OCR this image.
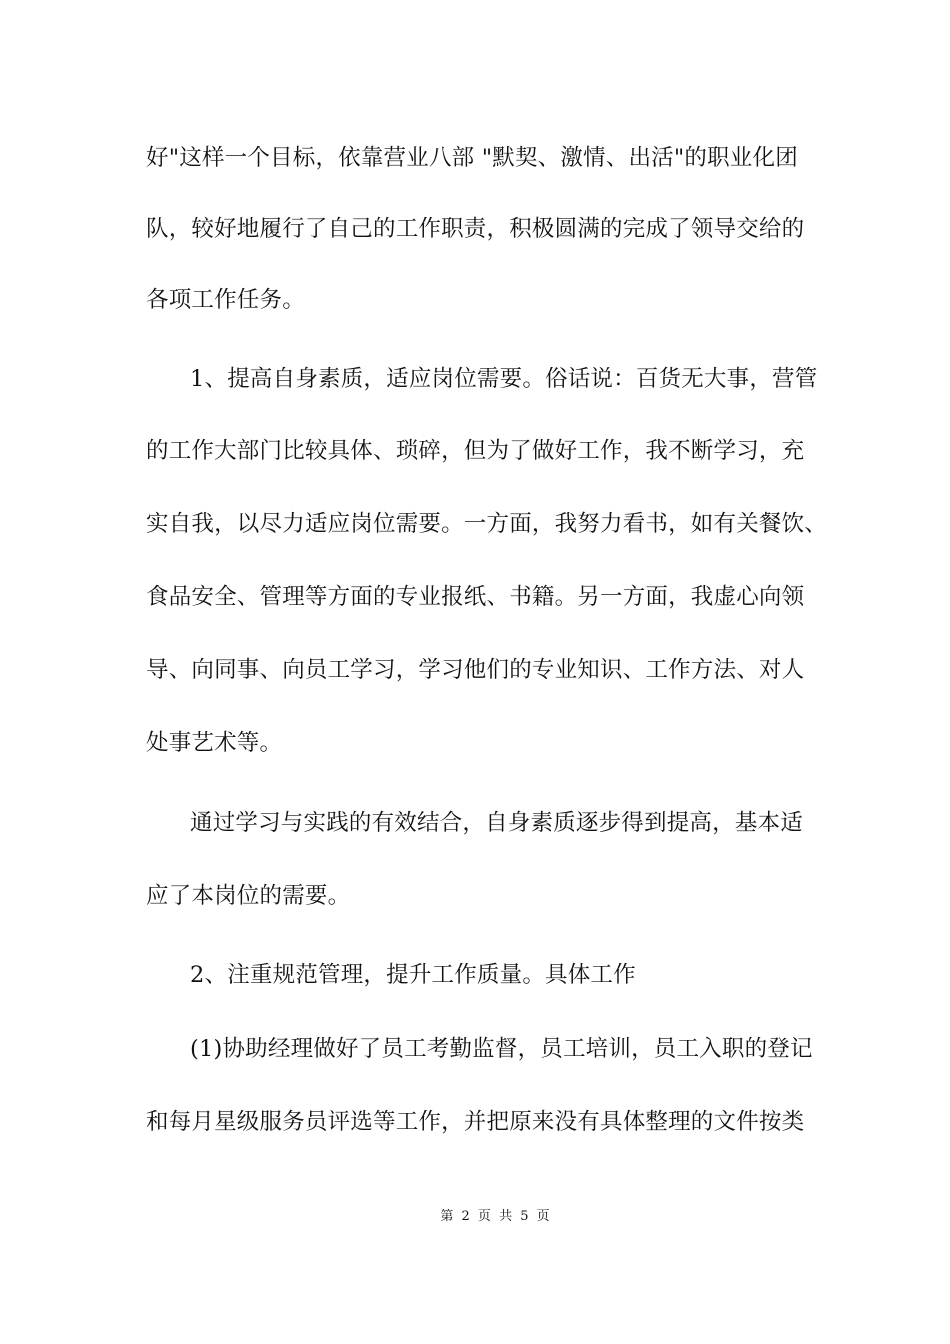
好"这样一个目标，依靠营业八部 "默契、激情、出活"的职业化团
队，较好地履行了自己的工作职责，积极圆满的完成了领导交给的
各项工作任务。
1、提高自身素质，适应岗位需要。俗话说：百货无大事，营管
的工作大部门比较具体、琐碎，但为了做好工作，我不断学习，充
实自我，以尽力适应岗位需要。一方面，我努力看书，如有关餐饮、
食品安全、管理等方面的专业报纸、书籍。另一方面，我虚心向领
导、向同事、向员工学习，学习他们的专业知识、工作方法、对人
处事艺术等。
通过学习与实践的有效结合，自身素质逐步得到提高，基本适
应了本岗位的需要。
2、注重规范管理，提升工作质量。具体工作
(1)协助经理做好了员工考勤监督，员工培训，员工入职的登记
和每月星级服务员评选等工作，并把原来没有具体整理的文件按类
第 2 页 共 5 页
